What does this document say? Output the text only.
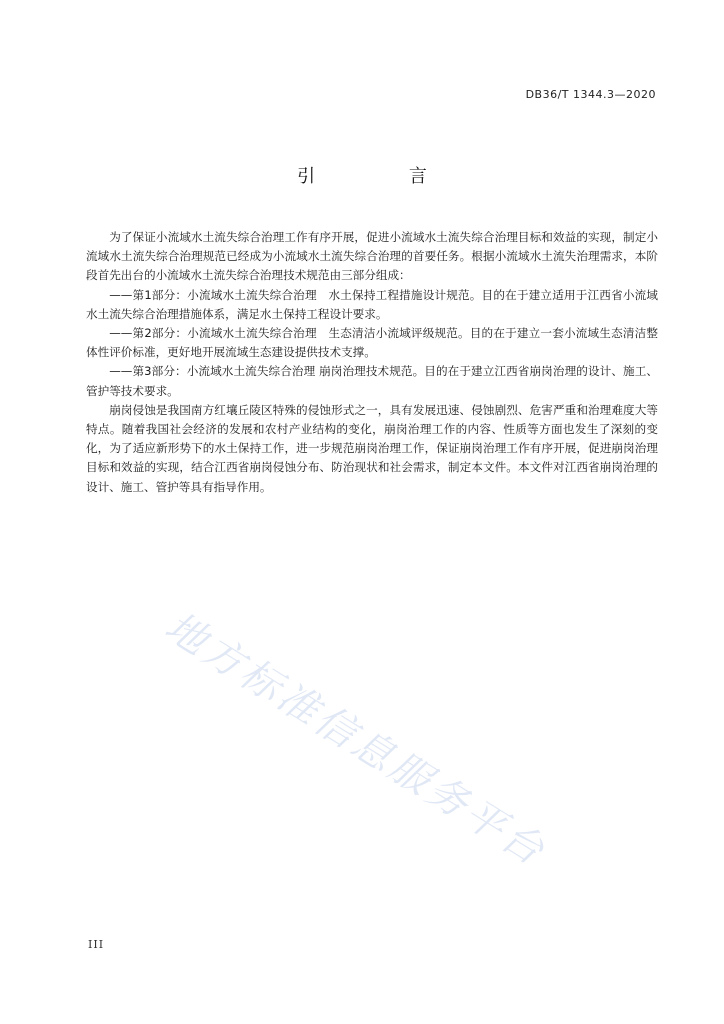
DB36/T 1344.3—2020
引 言

为了保证小流域水土流失综合治理工作有序开展，促进小流域水土流失综合治理目标和效益的实现，制定小流域水土流失综合治理规范已经成为小流域水土流失综合治理的首要任务。根据小流域水土流失治理需求，本阶段首先出台的小流域水土流失综合治理技术规范由三部分组成：

——第1部分：小流域水土流失综合治理　水土保持工程措施设计规范。目的在于建立适用于江西省小流域水土流失综合治理措施体系，满足水土保持工程设计要求。

——第2部分：小流域水土流失综合治理　生态清洁小流域评级规范。目的在于建立一套小流域生态清洁整体性评价标准，更好地开展流域生态建设提供技术支撑。

——第3部分：小流域水土流失综合治理 崩岗治理技术规范。目的在于建立江西省崩岗治理的设计、施工、管护等技术要求。

崩岗侵蚀是我国南方红壤丘陵区特殊的侵蚀形式之一，具有发展迅速、侵蚀剧烈、危害严重和治理难度大等特点。随着我国社会经济的发展和农村产业结构的变化，崩岗治理工作的内容、性质等方面也发生了深刻的变化，为了适应新形势下的水土保持工作，进一步规范崩岗治理工作，保证崩岗治理工作有序开展，促进崩岗治理目标和效益的实现，结合江西省崩岗侵蚀分布、防治现状和社会需求，制定本文件。本文件对江西省崩岗治理的设计、施工、管护等具有指导作用。

地方标准信息服务平台
III
